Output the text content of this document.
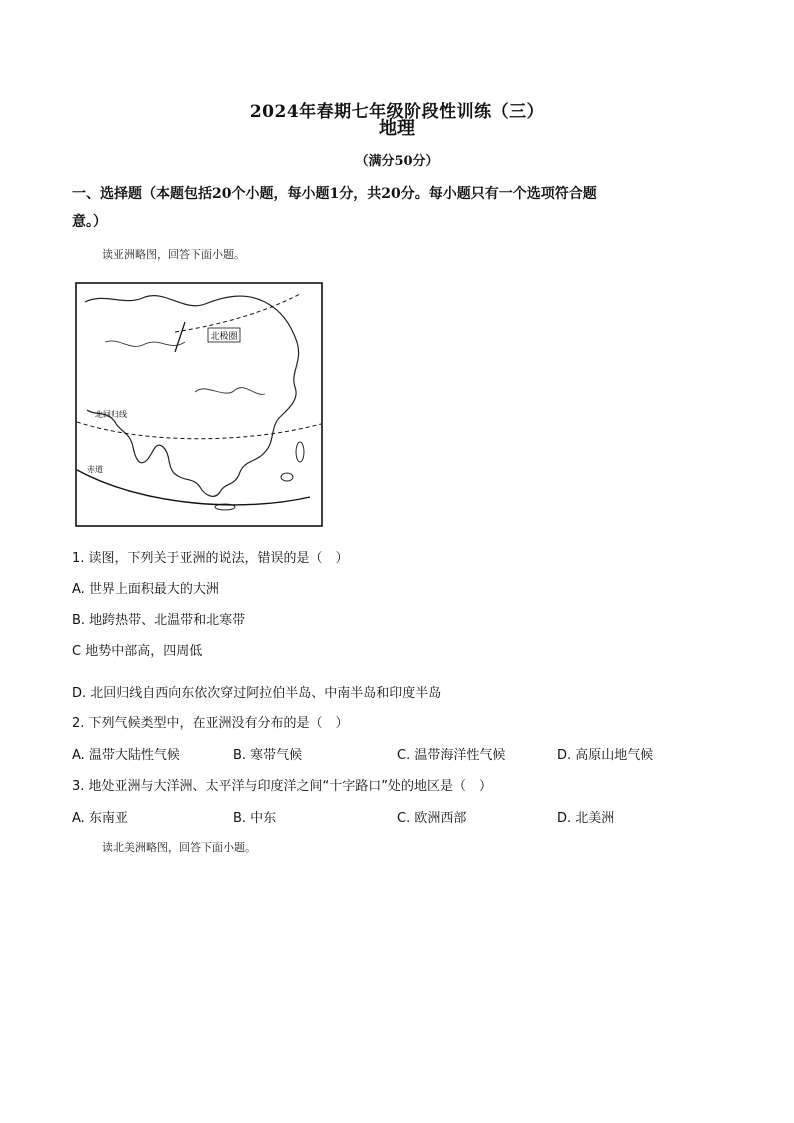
2024年春期七年级阶段性训练（三）
地理
（满分50分）
一、选择题（本题包括20个小题，每小题1分，共20分。每小题只有一个选项符合题
意。）
读亚洲略图，回答下面小题。
北极圈
北回归线
赤道
1. 读图，下列关于亚洲的说法，错误的是（　）
A. 世界上面积最大的大洲
B. 地跨热带、北温带和北寒带
C 地势中部高，四周低
D. 北回归线自西向东依次穿过阿拉伯半岛、中南半岛和印度半岛
2. 下列气候类型中，在亚洲没有分布的是（　）
A. 温带大陆性气候	B. 寒带气候	C. 温带海洋性气候	D. 高原山地气候
3. 地处亚洲与大洋洲、太平洋与印度洋之间“十字路口”处的地区是（　）
A. 东南亚	B. 中东	C. 欧洲西部	D. 北美洲
读北美洲略图，回答下面小题。
